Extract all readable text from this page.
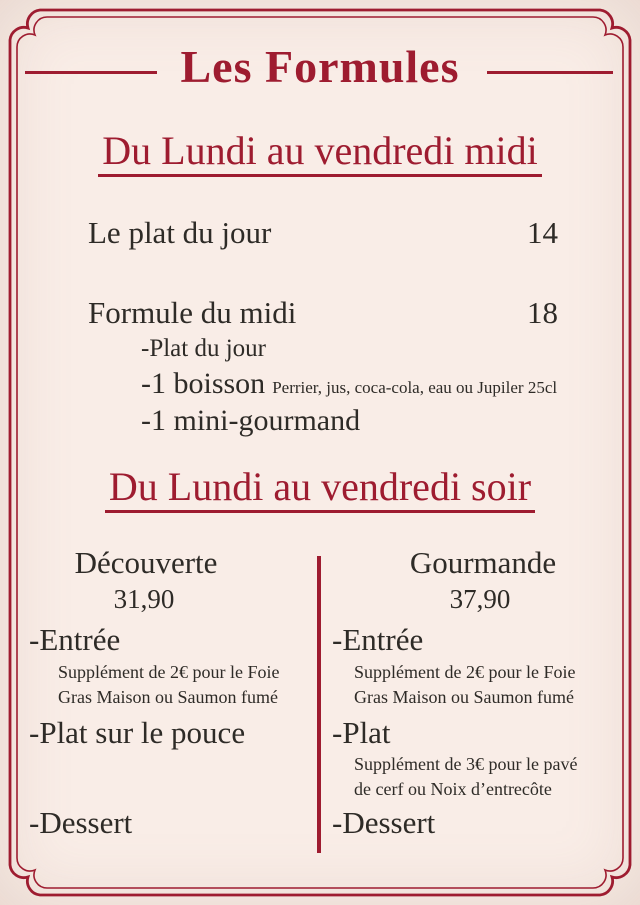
Les Formules
Du Lundi au vendredi midi
Le plat du jour	14
Formule du midi	18
-Plat du jour
-1 boisson Perrier, jus, coca-cola, eau ou Jupiler 25cl
-1 mini-gourmand
Du Lundi au vendredi soir
Découverte
31,90
Gourmande
37,90
-Entrée
Supplément de 2€ pour le Foie Gras Maison ou Saumon fumé
-Plat sur le pouce
-Dessert
-Entrée
Supplément de 2€ pour le Foie Gras Maison ou Saumon fumé
-Plat
Supplément de 3€ pour le pavé de cerf ou Noix d’entrecôte
-Dessert
